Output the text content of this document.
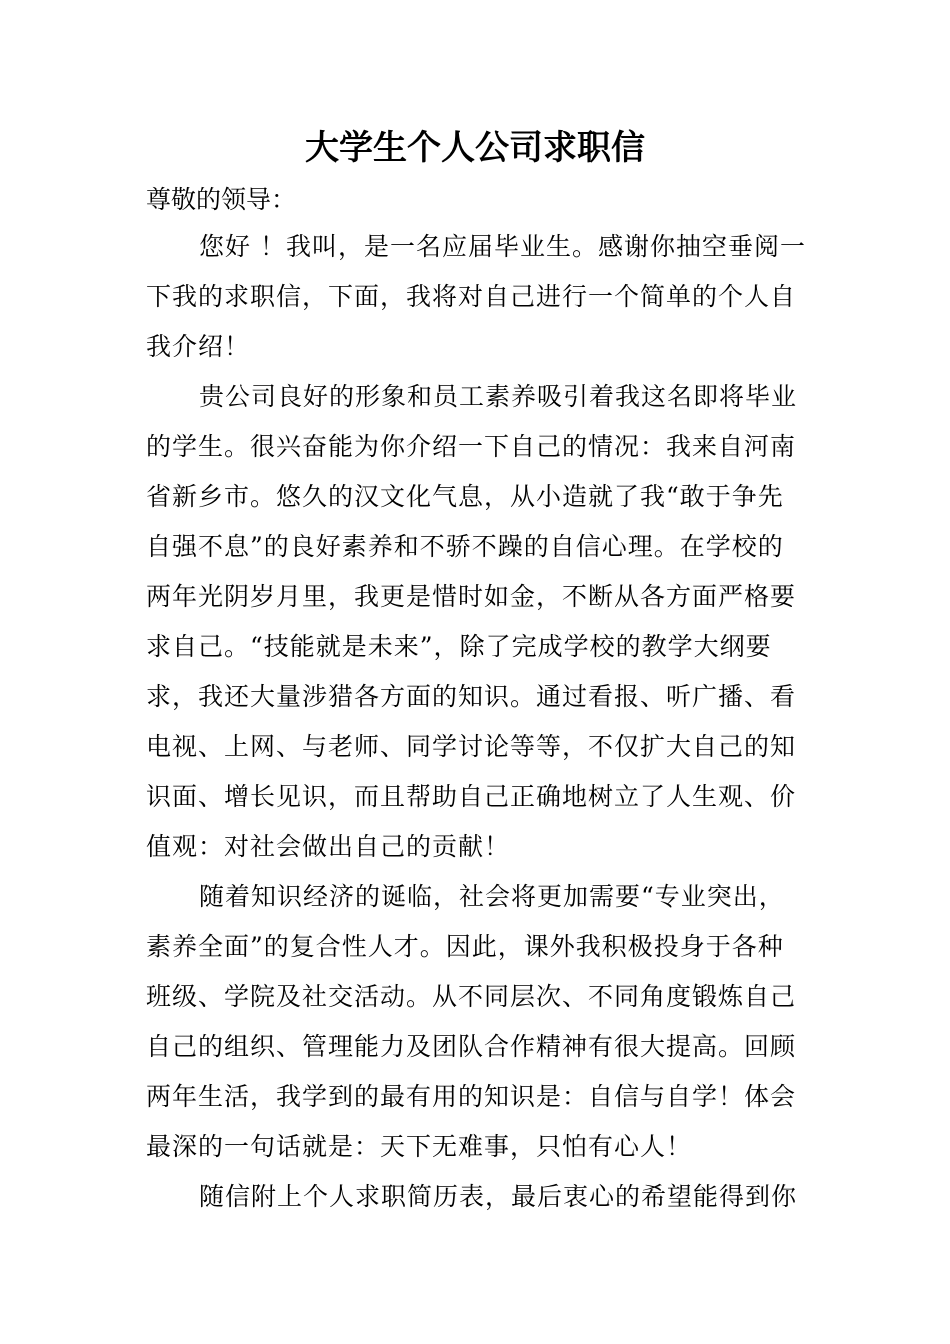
大学生个人公司求职信

尊敬的领导：

您好 ！我叫，是一名应届毕业生。感谢你抽空垂阅一
下我的求职信，下面，我将对自己进行一个简单的个人自
我介绍！

贵公司良好的形象和员工素养吸引着我这名即将毕业
的学生。很兴奋能为你介绍一下自己的情况：我来自河南
省新乡市。悠久的汉文化气息，从小造就了我“敢于争先
自强不息”的良好素养和不骄不躁的自信心理。在学校的
两年光阴岁月里，我更是惜时如金，不断从各方面严格要
求自己。“技能就是未来”，除了完成学校的教学大纲要
求，我还大量涉猎各方面的知识。通过看报、听广播、看
电视、上网、与老师、同学讨论等等，不仅扩大自己的知
识面、增长见识，而且帮助自己正确地树立了人生观、价
值观：对社会做出自己的贡献！

随着知识经济的诞临，社会将更加需要“专业突出，
素养全面”的复合性人才。因此，课外我积极投身于各种
班级、学院及社交活动。从不同层次、不同角度锻炼自己
自己的组织、管理能力及团队合作精神有很大提高。回顾
两年生活，我学到的最有用的知识是：自信与自学！体会
最深的一句话就是：天下无难事，只怕有心人！

随信附上个人求职简历表，最后衷心的希望能得到你
